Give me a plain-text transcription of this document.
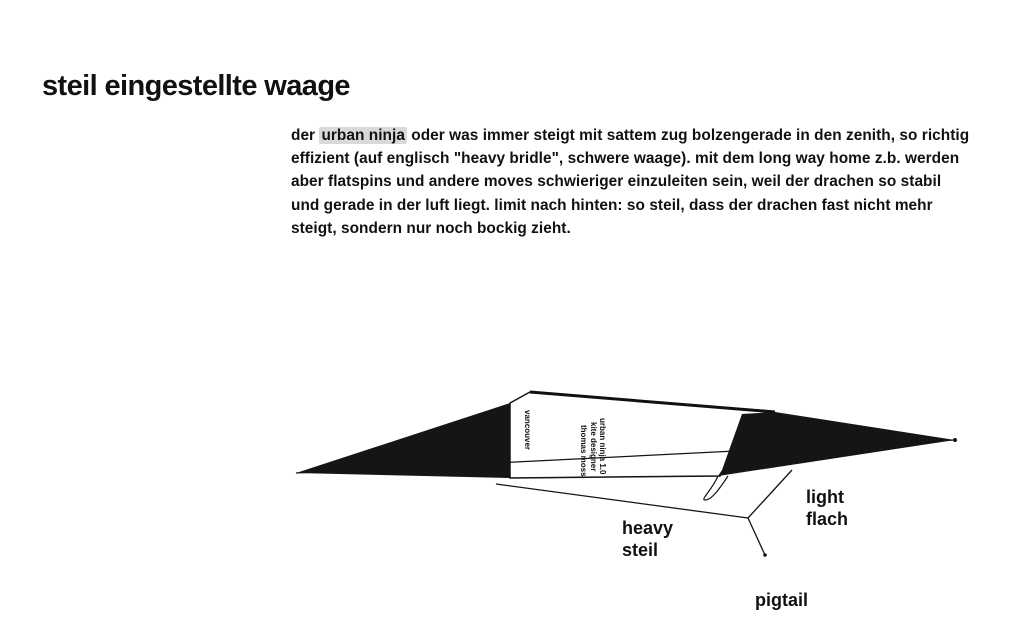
steil eingestellte waage
der urban ninja oder was immer steigt mit sattem zug bolzengerade in den zenith, so richtig effizient (auf englisch "heavy bridle", schwere waage). mit dem long way home z.b. werden aber flatspins und andere moves schwieriger einzuleiten sein, weil der drachen so stabil und gerade in der luft liegt. limit nach hinten: so steil, dass der drachen fast nicht mehr steigt, sondern nur noch bockig zieht.
urban ninja 1.0
kite designer
thomas moss
vancouver
heavy
steil
light
flach
pigtail
